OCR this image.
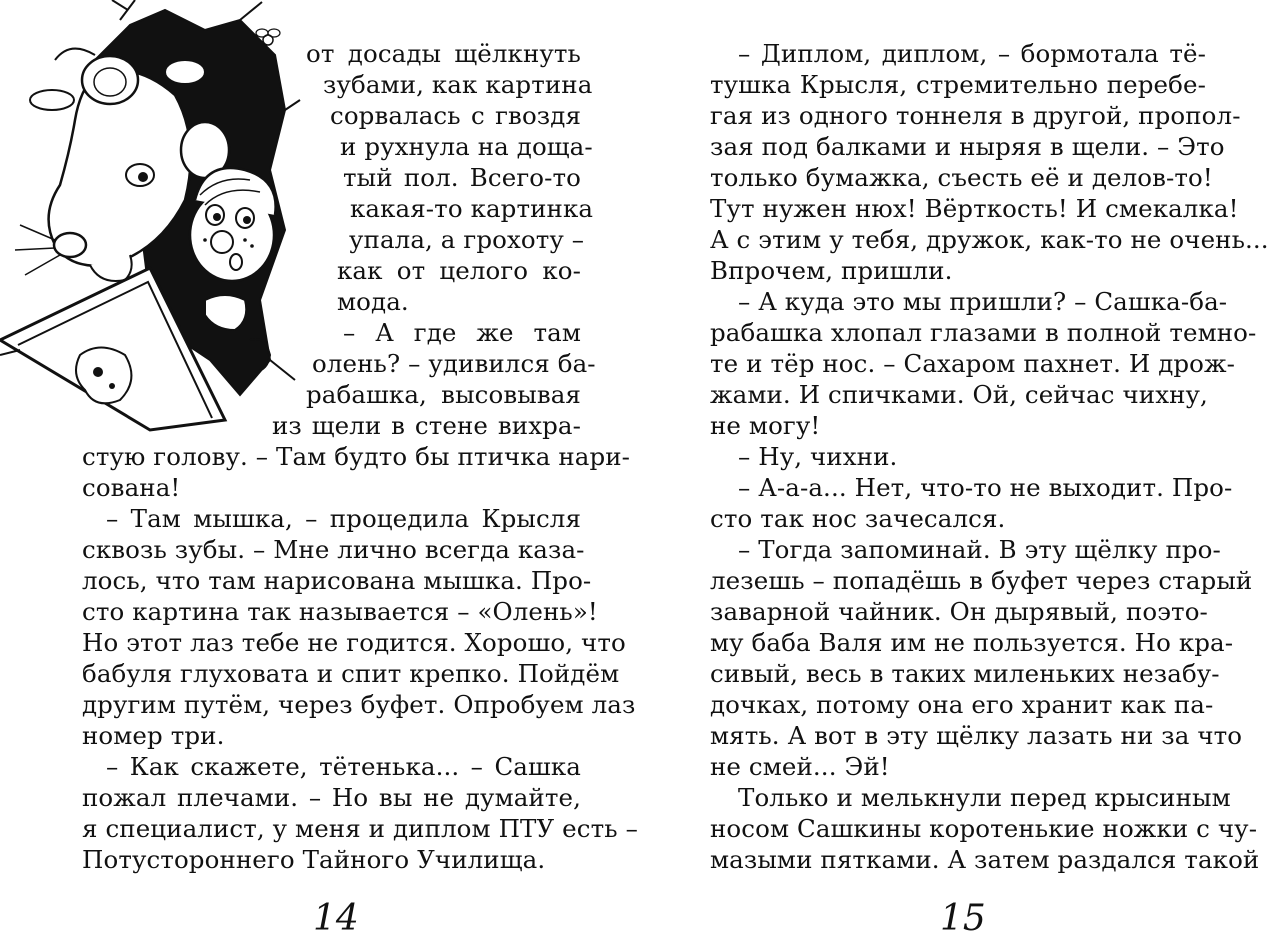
от досады щёлкнуть
зубами, как картина
сорвалась с гвоздя
и рухнула на доща-
тый пол. Всего-то
какая-то картинка
упала, а грохоту –
как от целого ко-
мода.
– А где же там
олень? – удивился ба-
рабашка, высовывая
из щели в стене вихра-
стую голову. – Там будто бы птичка нари-
сована!
– Там мышка, – процедила Крысля
сквозь зубы. – Мне лично всегда каза-
лось, что там нарисована мышка. Про-
сто картина так называется – «Олень»!
Но этот лаз тебе не годится. Хорошо, что
бабуля глуховата и спит крепко. Пойдём
другим путём, через буфет. Опробуем лаз
номер три.
– Как скажете, тётенька... – Сашка
пожал плечами. – Но вы не думайте,
я специалист, у меня и диплом ПТУ есть –
Потустороннего Тайного Училища.
14
– Диплом, диплом, – бормотала тё-
тушка Крысля, стремительно перебе-
гая из одного тоннеля в другой, пропол-
зая под балками и ныряя в щели. – Это
только бумажка, съесть её и делов-то!
Тут нужен нюх! Вёрткость! И смекалка!
А с этим у тебя, дружок, как-то не очень...
Впрочем, пришли.
– А куда это мы пришли? – Сашка-ба-
рабашка хлопал глазами в полной темно-
те и тёр нос. – Сахаром пахнет. И дрож-
жами. И спичками. Ой, сейчас чихну,
не могу!
– Ну, чихни.
– А-а-а... Нет, что-то не выходит. Про-
сто так нос зачесался.
– Тогда запоминай. В эту щёлку про-
лезешь – попадёшь в буфет через старый
заварной чайник. Он дырявый, поэто-
му баба Валя им не пользуется. Но кра-
сивый, весь в таких миленьких незабу-
дочках, потому она его хранит как па-
мять. А вот в эту щёлку лазать ни за что
не смей... Эй!
Только и мелькнули перед крысиным
носом Сашкины коротенькие ножки с чу-
мазыми пятками. А затем раздался такой
15
